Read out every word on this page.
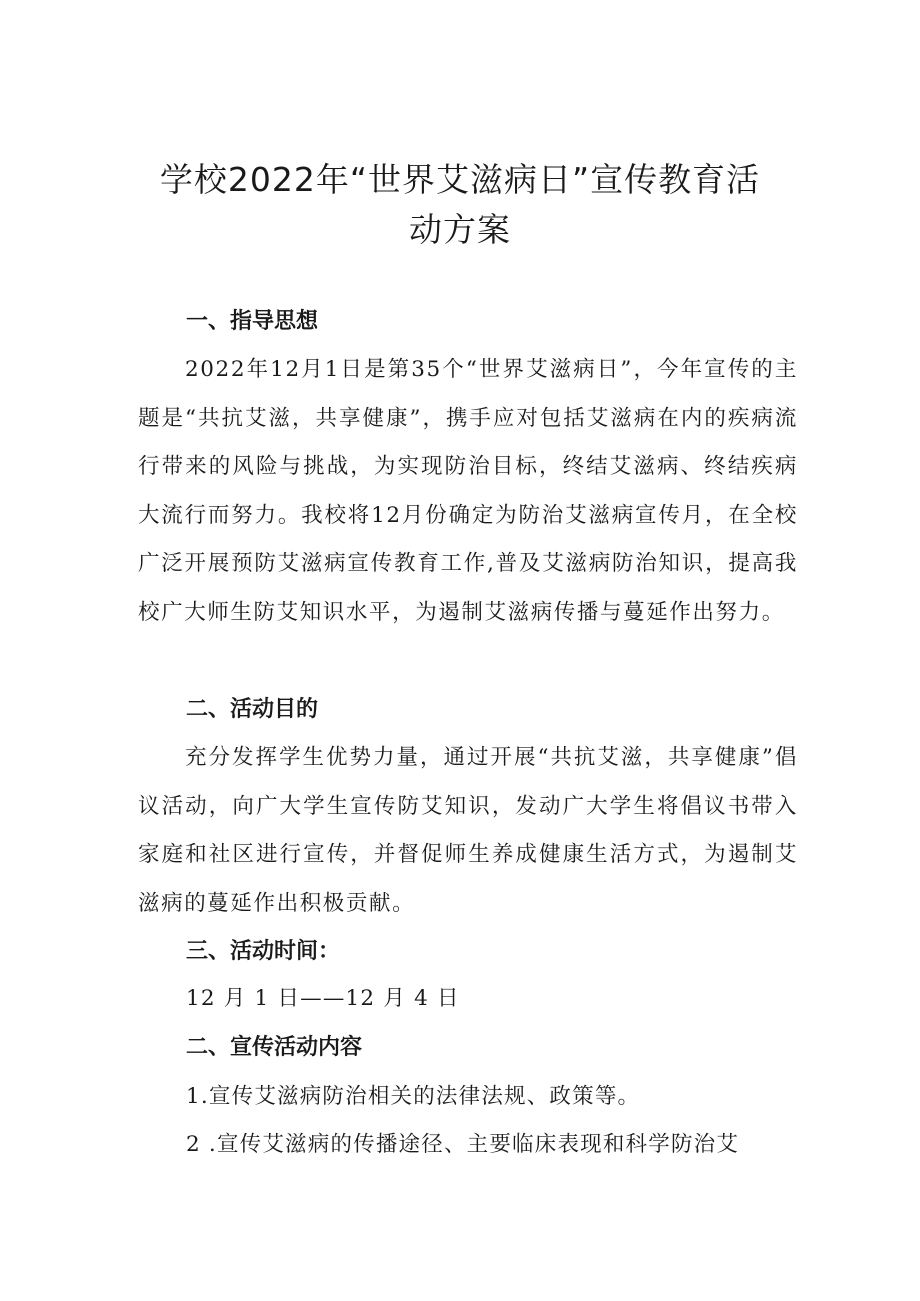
学校2022年“世界艾滋病日”宣传教育活
动方案
一、指导思想

2022年12月1日是第35个“世界艾滋病日”，今年宣传的主题是“共抗艾滋，共享健康”，携手应对包括艾滋病在内的疾病流行带来的风险与挑战，为实现防治目标，终结艾滋病、终结疾病大流行而努力。我校将12月份确定为防治艾滋病宣传月，在全校广泛开展预防艾滋病宣传教育工作,普及艾滋病防治知识，提高我校广大师生防艾知识水平，为遏制艾滋病传播与蔓延作出努力。

二、活动目的

充分发挥学生优势力量，通过开展“共抗艾滋，共享健康”倡议活动，向广大学生宣传防艾知识，发动广大学生将倡议书带入家庭和社区进行宣传，并督促师生养成健康生活方式，为遏制艾滋病的蔓延作出积极贡献。

三、活动时间：

12 月 1 日——12 月 4 日

二、宣传活动内容

1.宣传艾滋病防治相关的法律法规、政策等。

2 .宣传艾滋病的传播途径、主要临床表现和科学防治艾
